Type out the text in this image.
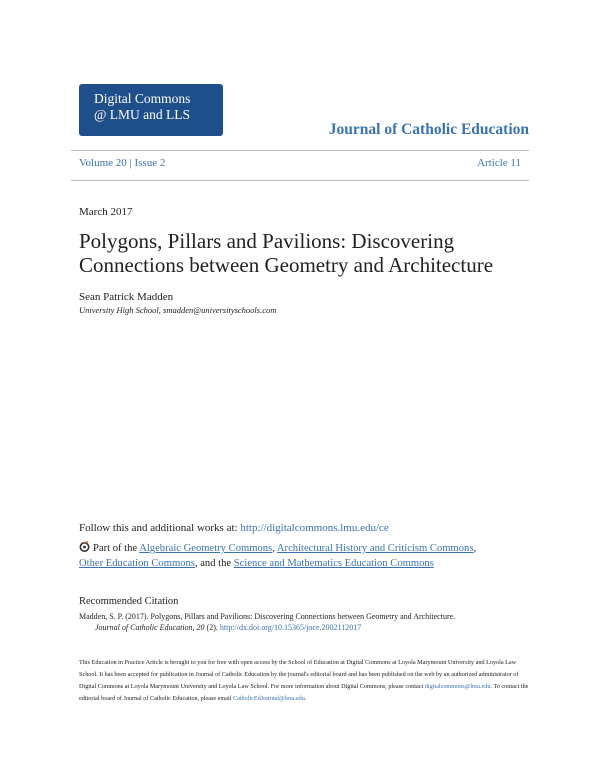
Digital Commons
@ LMU and LLS
Journal of Catholic Education
Volume 20 | Issue 2	Article 11
March 2017
Polygons, Pillars and Pavilions: Discovering Connections between Geometry and Architecture
Sean Patrick Madden
University High School, smadden@universityschools.com
Follow this and additional works at: http://digitalcommons.lmu.edu/ce
Part of the Algebraic Geometry Commons, Architectural History and Criticism Commons,
Other Education Commons, and the Science and Mathematics Education Commons
Recommended Citation
Madden, S. P. (2017). Polygons, Pillars and Pavilions: Discovering Connections between Geometry and Architecture.
Journal of Catholic Education, 20 (2). http://dx.doi.org/10.15365/joce.2002112017
This Education in Practice Article is brought to you for free with open access by the School of Education at Digital Commons at Loyola Marymount University and Loyola Law School. It has been accepted for publication in Journal of Catholic Education by the journal's editorial board and has been published on the web by an authorized administrator of Digital Commons at Loyola Marymount University and Loyola Law School. For more information about Digital Commons, please contact digitalcommons@lmu.edu. To contact the editorial board of Journal of Catholic Education, please email CatholicEdJournal@lmu.edu.
